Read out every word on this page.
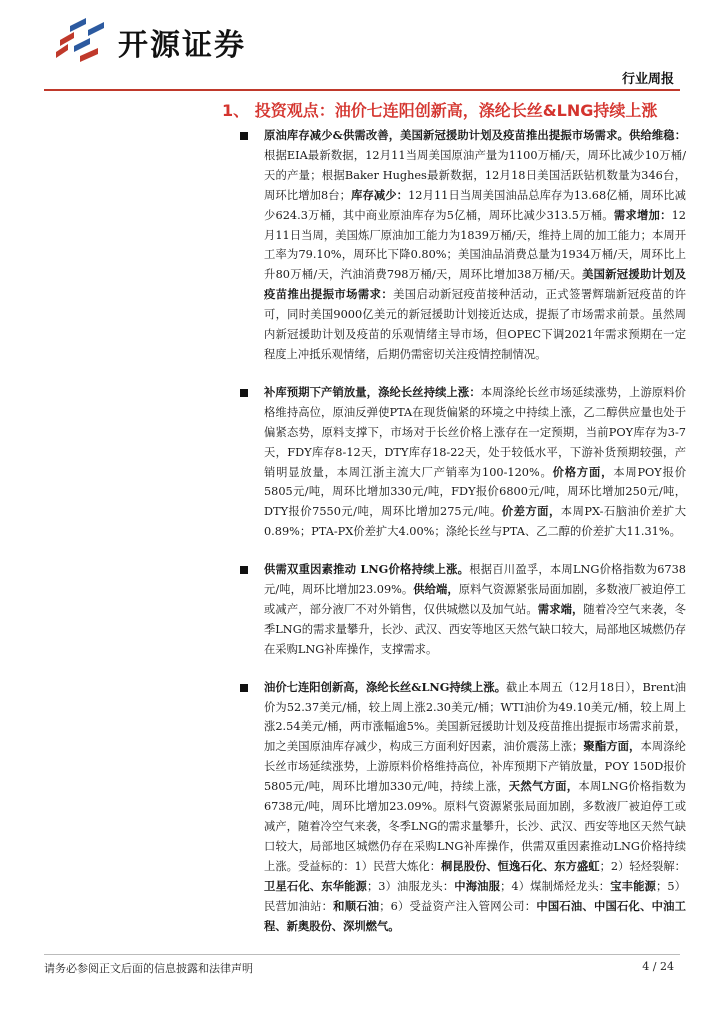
开源证券
行业周报
1、 投资观点：油价七连阳创新高，涤纶长丝&LNG持续上涨
原油库存减少&供需改善，美国新冠援助计划及疫苗推出提振市场需求。供给维稳：根据EIA最新数据，12月11当周美国原油产量为1100万桶/天，周环比减少10万桶/天的产量；根据Baker Hughes最新数据，12月18日美国活跃钻机数量为346台，周环比增加8台；库存减少：12月11日当周美国油品总库存为13.68亿桶，周环比减少624.3万桶，其中商业原油库存为5亿桶，周环比减少313.5万桶。需求增加：12月11日当周，美国炼厂原油加工能力为1839万桶/天，维持上周的加工能力；本周开工率为79.10%，周环比下降0.80%；美国油品消费总量为1934万桶/天，周环比上升80万桶/天，汽油消费798万桶/天，周环比增加38万桶/天。美国新冠援助计划及疫苗推出提振市场需求：美国启动新冠疫苗接种活动，正式签署辉瑞新冠疫苗的许可，同时美国9000亿美元的新冠援助计划接近达成，提振了市场需求前景。虽然周内新冠援助计划及疫苗的乐观情绪主导市场，但OPEC下调2021年需求预期在一定程度上冲抵乐观情绪，后期仍需密切关注疫情控制情况。
补库预期下产销放量，涤纶长丝持续上涨：本周涤纶长丝市场延续涨势，上游原料价格维持高位，原油反弹使PTA在现货偏紧的环境之中持续上涨，乙二醇供应量也处于偏紧态势，原料支撑下，市场对于长丝价格上涨存在一定预期，当前POY库存为3-7天，FDY库存8-12天，DTY库存18-22天，处于较低水平，下游补货预期较强，产销明显放量，本周江浙主流大厂产销率为100-120%。价格方面，本周POY报价5805元/吨，周环比增加330元/吨，FDY报价6800元/吨，周环比增加250元/吨，DTY报价7550元/吨，周环比增加275元/吨。价差方面，本周PX-石脑油价差扩大0.89%；PTA-PX价差扩大4.00%；涤纶长丝与PTA、乙二醇的价差扩大11.31%。
供需双重因素推动 LNG价格持续上涨。根据百川盈孚，本周LNG价格指数为6738元/吨，周环比增加23.09%。供给端，原料气资源紧张局面加剧，多数液厂被迫停工或减产，部分液厂不对外销售，仅供城燃以及加气站。需求端，随着冷空气来袭，冬季LNG的需求量攀升，长沙、武汉、西安等地区天然气缺口较大，局部地区城燃仍存在采购LNG补库操作，支撑需求。
油价七连阳创新高，涤纶长丝&LNG持续上涨。截止本周五（12月18日），Brent油价为52.37美元/桶，较上周上涨2.30美元/桶；WTI油价为49.10美元/桶，较上周上涨2.54美元/桶，两市涨幅逾5%。美国新冠援助计划及疫苗推出提振市场需求前景，加之美国原油库存减少，构成三方面利好因素，油价震荡上涨；聚酯方面，本周涤纶长丝市场延续涨势，上游原料价格维持高位，补库预期下产销放量，POY 150D报价5805元/吨，周环比增加330元/吨，持续上涨，天然气方面，本周LNG价格指数为6738元/吨，周环比增加23.09%。原料气资源紧张局面加剧，多数液厂被迫停工或减产，随着冷空气来袭，冬季LNG的需求量攀升，长沙、武汉、西安等地区天然气缺口较大，局部地区城燃仍存在采购LNG补库操作，供需双重因素推动LNG价格持续上涨。受益标的：1）民营大炼化：桐昆股份、恒逸石化、东方盛虹；2）轻烃裂解：卫星石化、东华能源；3）油服龙头：中海油服；4）煤制烯烃龙头：宝丰能源；5）民营加油站：和顺石油；6）受益资产注入管网公司：中国石油、中国石化、中油工程、新奥股份、深圳燃气。
请务必参阅正文后面的信息披露和法律声明	4 / 24
